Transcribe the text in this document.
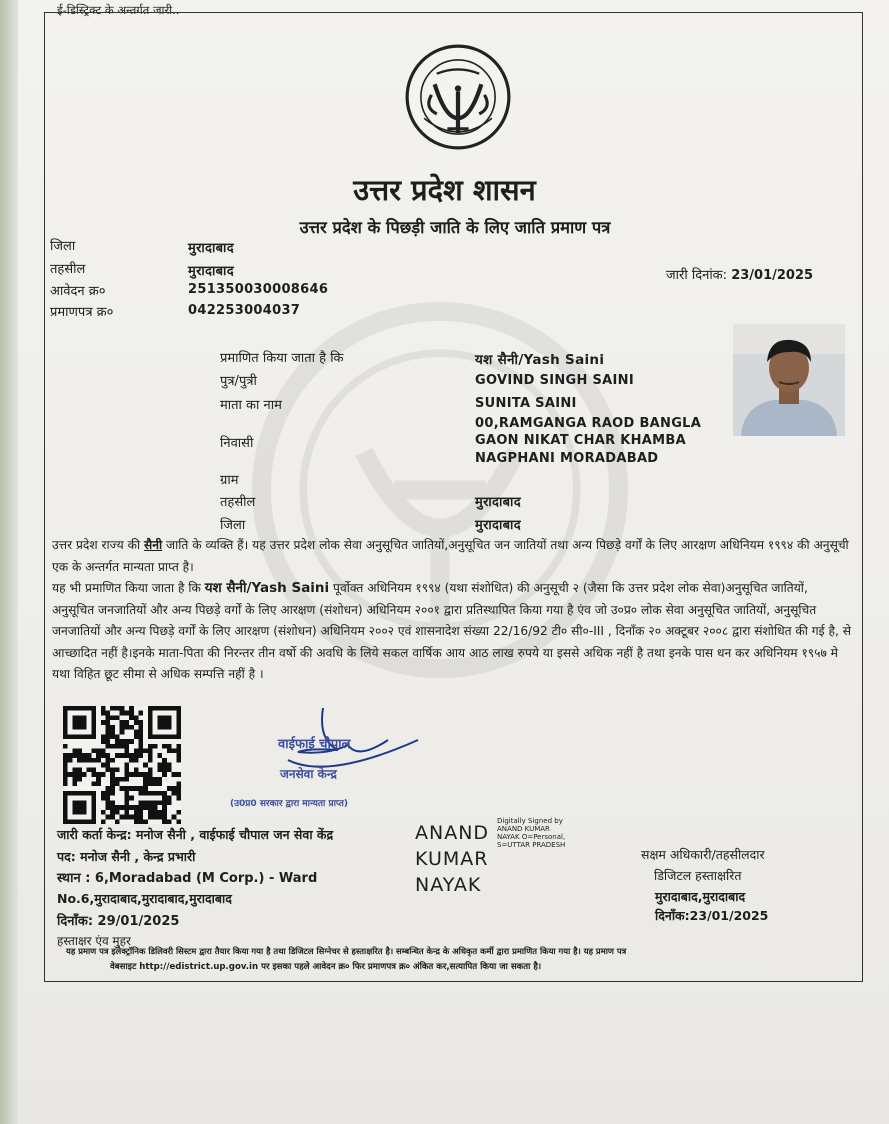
ई-डिस्ट्रिक्ट के अन्तर्गत जारी..
उत्तर प्रदेश शासन
उत्तर प्रदेश के पिछड़ी जाति के लिए जाति प्रमाण पत्र
जिला	मुरादाबाद
तहसील	मुरादाबाद
आवेदन क्र०	251350030008646
प्रमाणपत्र क्र०	042253004037
जारी दिनांक: 23/01/2025
प्रमाणित किया जाता है कि	यश सैनी/Yash Saini
पुत्र/पुत्री	GOVIND SINGH SAINI
माता का नाम	SUNITA SAINI
00,RAMGANGA RAOD BANGLA
निवासी	GAON NIKAT CHAR KHAMBA
NAGPHANI MORADABAD
ग्राम
तहसील	मुरादाबाद
जिला	मुरादाबाद
उत्तर प्रदेश राज्य की सैनी जाति के व्यक्ति हैं। यह उत्तर प्रदेश लोक सेवा अनुसूचित जातियों,अनुसूचित जन जातियों तथा अन्य पिछड़े वर्गों के लिए आरक्षण अधिनियम १९९४ की अनुसूची एक के अन्तर्गत मान्यता प्राप्त है।
यह भी प्रमाणित किया जाता है कि यश सैनी/Yash Saini पूर्वोक्त अधिनियम १९९४ (यथा संशोधित) की अनुसूची २ (जैसा कि उत्तर प्रदेश लोक सेवा)अनुसूचित जातियों, अनुसूचित जनजातियों और अन्य पिछड़े वर्गों के लिए आरक्षण (संशोधन) अधिनियम २००१ द्वारा प्रतिस्थापित किया गया है एंव जो उ०प्र० लोक सेवा अनुसूचित जातियों, अनुसूचित जनजातियों और अन्य पिछड़े वर्गों के लिए आरक्षण (संशोधन) अधिनियम २००२ एवं शासनादेश संख्या 22/16/92 टी० सी०-III , दिनाँक २० अक्टूबर २००८ द्वारा संशोधित की गई है, से आच्छादित नहीं है।इनके माता-पिता की निरन्तर तीन वर्षो की अवधि के लिये सकल वार्षिक आय आठ लाख रुपये या इससे अधिक नहीं है तथा इनके पास धन कर अधिनियम १९५७ मे यथा विहित छूट सीमा से अधिक सम्पत्ति नहीं है ।
वाईफाई चौपाल
जनसेवा केन्द्र
(उ0प्र0 सरकार द्वारा मान्यता प्राप्त)
जारी कर्ता केन्द्र: मनोज सैनी , वाईफाई चौपाल जन सेवा केंद्र
पद: मनोज सैनी , केन्द्र प्रभारी
स्थान : 6,Moradabad (M Corp.) - Ward
No.6,मुरादाबाद,मुरादाबाद,मुरादाबाद
दिनाँक: 29/01/2025
हस्ताक्षर एंव मुहर
ANAND
KUMAR
NAYAK
Digitally Signed by
ANAND KUMAR
NAYAK O=Personal,
S=UTTAR PRADESH
सक्षम अधिकारी/तहसीलदार
डिजिटल हस्ताक्षरित
मुरादाबाद,मुरादाबाद
दिनाँक:23/01/2025
यह प्रमाण पत्र इलेक्ट्रॉनिक डिलिवरी सिस्टम द्वारा तैयार किया गया है तथा डिजिटल सिग्नेचर से हस्ताक्षरित है। सम्बन्धित केन्द्र के अधिकृत कर्मी द्वारा प्रमाणित किया गया है। यह प्रमाण पत्र
वेबसाइट http://edistrict.up.gov.in पर इसका पहले आवेदन क्र० फिर प्रमाणपत्र क्र० अंकित कर,सत्यापित किया जा सकता है।
